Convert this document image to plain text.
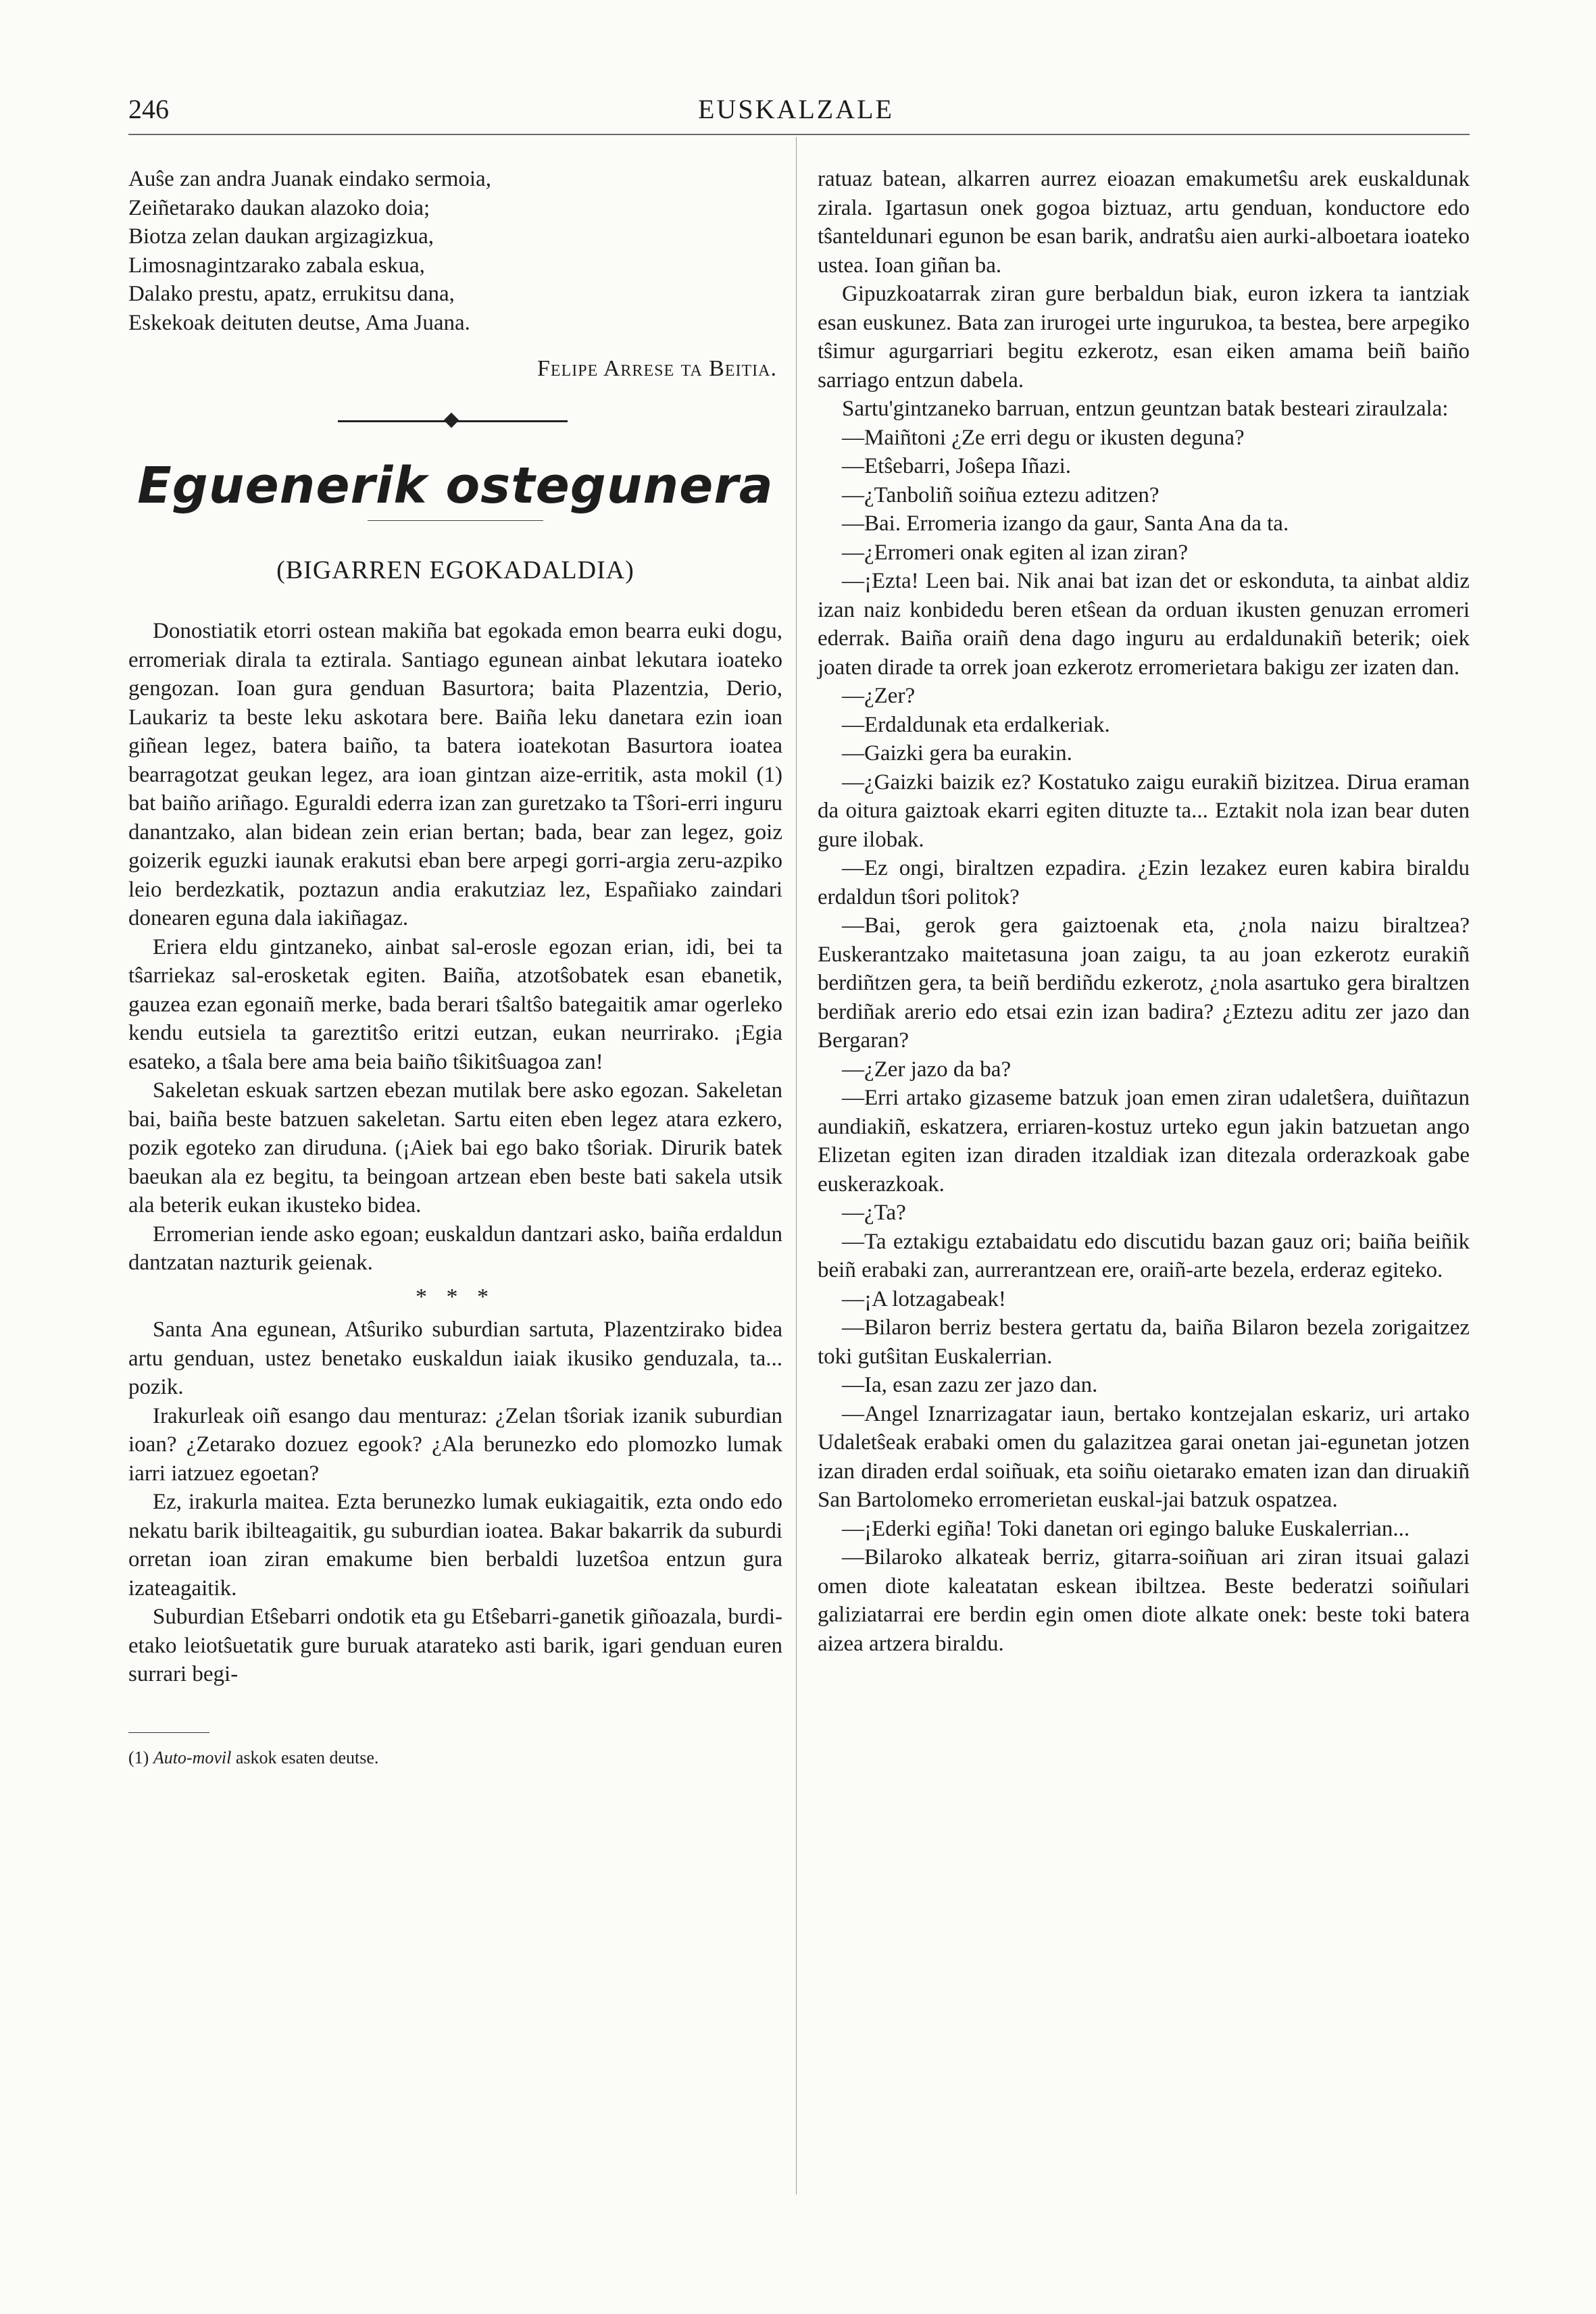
246	EUSKALZALE
Auŝe zan andra Juanak eindako sermoia,
Zeiñetarako daukan alazoko doia;
Biotza zelan daukan argizagizkua,
Limosnagintzarako zabala eskua,
Dalako prestu, apatz, errukitsu dana,
Eskekoak deituten deutse, Ama Juana.
Felipe Arrese ta Beitia.
Eguenerik ostegunera
(BIGARREN EGOKADALDIA)

Donostiatik etorri ostean makiña bat egokada emon bearra euki dogu, erromeriak dirala ta eztirala. Santiago egunean ainbat lekutara ioateko gengozan. Ioan gura genduan Basurtora; baita Plazentzia, Derio, Laukariz ta beste leku askotara bere. Baiña leku danetara ezin ioan giñean legez, batera baiño, ta batera ioatekotan Basurtora ioatea bearragotzat geukan legez, ara ioan gintzan aize-erritik, asta mokil (1) bat baiño ariñago. Eguraldi ederra izan zan guretzako ta Tŝori-erri inguru danantzako, alan bidean zein erian bertan; bada, bear zan legez, goiz goizerik eguzki iaunak erakutsi eban bere arpegi gorri-argia zeru-azpiko leio berdezkatik, poztazun andia erakutziaz lez, Españiako zaindari donearen eguna dala iakiñagaz.

Eriera eldu gintzaneko, ainbat sal-erosle egozan erian, idi, bei ta tŝarriekaz sal-erosketak egiten. Baiña, atzotŝobatek esan ebanetik, gauzea ezan egonaiñ merke, bada berari tŝaltŝo bategaitik amar ogerleko kendu eutsiela ta gareztitŝo eritzi eutzan, eukan neurrirako. ¡Egia esateko, a tŝala bere ama beia baiño tŝikitŝuagoa zan!

Sakeletan eskuak sartzen ebezan mutilak bere asko egozan. Sakeletan bai, baiña beste batzuen sakeletan. Sartu eiten eben legez atara ezkero, pozik egoteko zan diruduna. (¡Aiek bai ego bako tŝoriak. Dirurik batek baeukan ala ez begitu, ta beingoan artzean eben beste bati sakela utsik ala beterik eukan ikusteko bidea.

Erromerian iende asko egoan; euskaldun dantzari asko, baiña erdaldun dantzatan nazturik geienak.

* * *

Santa Ana egunean, Atŝuriko suburdian sartuta, Plazentzirako bidea artu genduan, ustez benetako euskaldun iaiak ikusiko genduzala, ta... pozik.

Irakurleak oiñ esango dau menturaz: ¿Zelan tŝoriak izanik suburdian ioan? ¿Zetarako dozuez egook? ¿Ala berunezko edo plomozko lumak iarri iatzuez egoetan?

Ez, irakurla maitea. Ezta berunezko lumak eukiagaitik, ezta ondo edo nekatu barik ibilteagaitik, gu suburdian ioatea. Bakar bakarrik da suburdi orretan ioan ziran emakume bien berbaldi luzetŝoa entzun gura izateagaitik.

Suburdian Etŝebarri ondotik eta gu Etŝebarri-ganetik giñoazala, burdi-etako leiotŝuetatik gure buruak atarateko asti barik, igari genduan euren surrari begi-

(1) Auto-movil askok esaten deutse.

ratuaz batean, alkarren aurrez eioazan emakumetŝu arek euskaldunak zirala. Igartasun onek gogoa biztuaz, artu genduan, konductore edo tŝanteldunari egunon be esan barik, andratŝu aien aurki-alboetara ioateko ustea. Ioan giñan ba.

Gipuzkoatarrak ziran gure berbaldun biak, euron izkera ta iantziak esan euskunez. Bata zan irurogei urte ingurukoa, ta bestea, bere arpegiko tŝimur agurgarriari begitu ezkerotz, esan eiken amama beiñ baiño sarriago entzun dabela.

Sartu'gintzaneko barruan, entzun geuntzan batak besteari ziraulzala:

—Maiñtoni ¿Ze erri degu or ikusten deguna?

—Etŝebarri, Joŝepa Iñazi.

—¿Tanboliñ soiñua eztezu aditzen?

—Bai. Erromeria izango da gaur, Santa Ana da ta.

—¿Erromeri onak egiten al izan ziran?

—¡Ezta! Leen bai. Nik anai bat izan det or eskonduta, ta ainbat aldiz izan naiz konbidedu beren etŝean da orduan ikusten genuzan erromeri ederrak. Baiña oraiñ dena dago inguru au erdaldunakiñ beterik; oiek joaten dirade ta orrek joan ezkerotz erromerietara bakigu zer izaten dan.

—¿Zer?

—Erdaldunak eta erdalkeriak.

—Gaizki gera ba eurakin.

—¿Gaizki baizik ez? Kostatuko zaigu eurakiñ bizitzea. Dirua eraman da oitura gaiztoak ekarri egiten dituzte ta... Eztakit nola izan bear duten gure ilobak.

—Ez ongi, biraltzen ezpadira. ¿Ezin lezakez euren kabira biraldu erdaldun tŝori politok?

—Bai, gerok gera gaiztoenak eta, ¿nola naizu biraltzea? Euskerantzako maitetasuna joan zaigu, ta au joan ezkerotz eurakiñ berdiñtzen gera, ta beiñ berdiñdu ezkerotz, ¿nola asartuko gera biraltzen berdiñak arerio edo etsai ezin izan badira? ¿Eztezu aditu zer jazo dan Bergaran?

—¿Zer jazo da ba?

—Erri artako gizaseme batzuk joan emen ziran udaletŝera, duiñtazun aundiakiñ, eskatzera, erriaren-kostuz urteko egun jakin batzuetan ango Elizetan egiten izan diraden itzaldiak izan ditezala orderazkoak gabe euskerazkoak.

—¿Ta?

—Ta eztakigu eztabaidatu edo discutidu bazan gauz ori; baiña beiñik beiñ erabaki zan, aurrerantzean ere, oraiñ-arte bezela, erderaz egiteko.

—¡A lotzagabeak!

—Bilaron berriz bestera gertatu da, baiña Bilaron bezela zorigaitzez toki gutŝitan Euskalerrian.

—Ia, esan zazu zer jazo dan.

—Angel Iznarrizagatar iaun, bertako kontzejalan eskariz, uri artako Udaletŝeak erabaki omen du galazitzea garai onetan jai-egunetan jotzen izan diraden erdal soiñuak, eta soiñu oietarako ematen izan dan diruakiñ San Bartolomeko erromerietan euskal-jai batzuk ospatzea.

—¡Ederki egiña! Toki danetan ori egingo baluke Euskalerrian...

—Bilaroko alkateak berriz, gitarra-soiñuan ari ziran itsuai galazi omen diote kaleatatan eskean ibiltzea. Beste bederatzi soiñulari galiziatarrai ere berdin egin omen diote alkate onek: beste toki batera aizea artzera biraldu.
